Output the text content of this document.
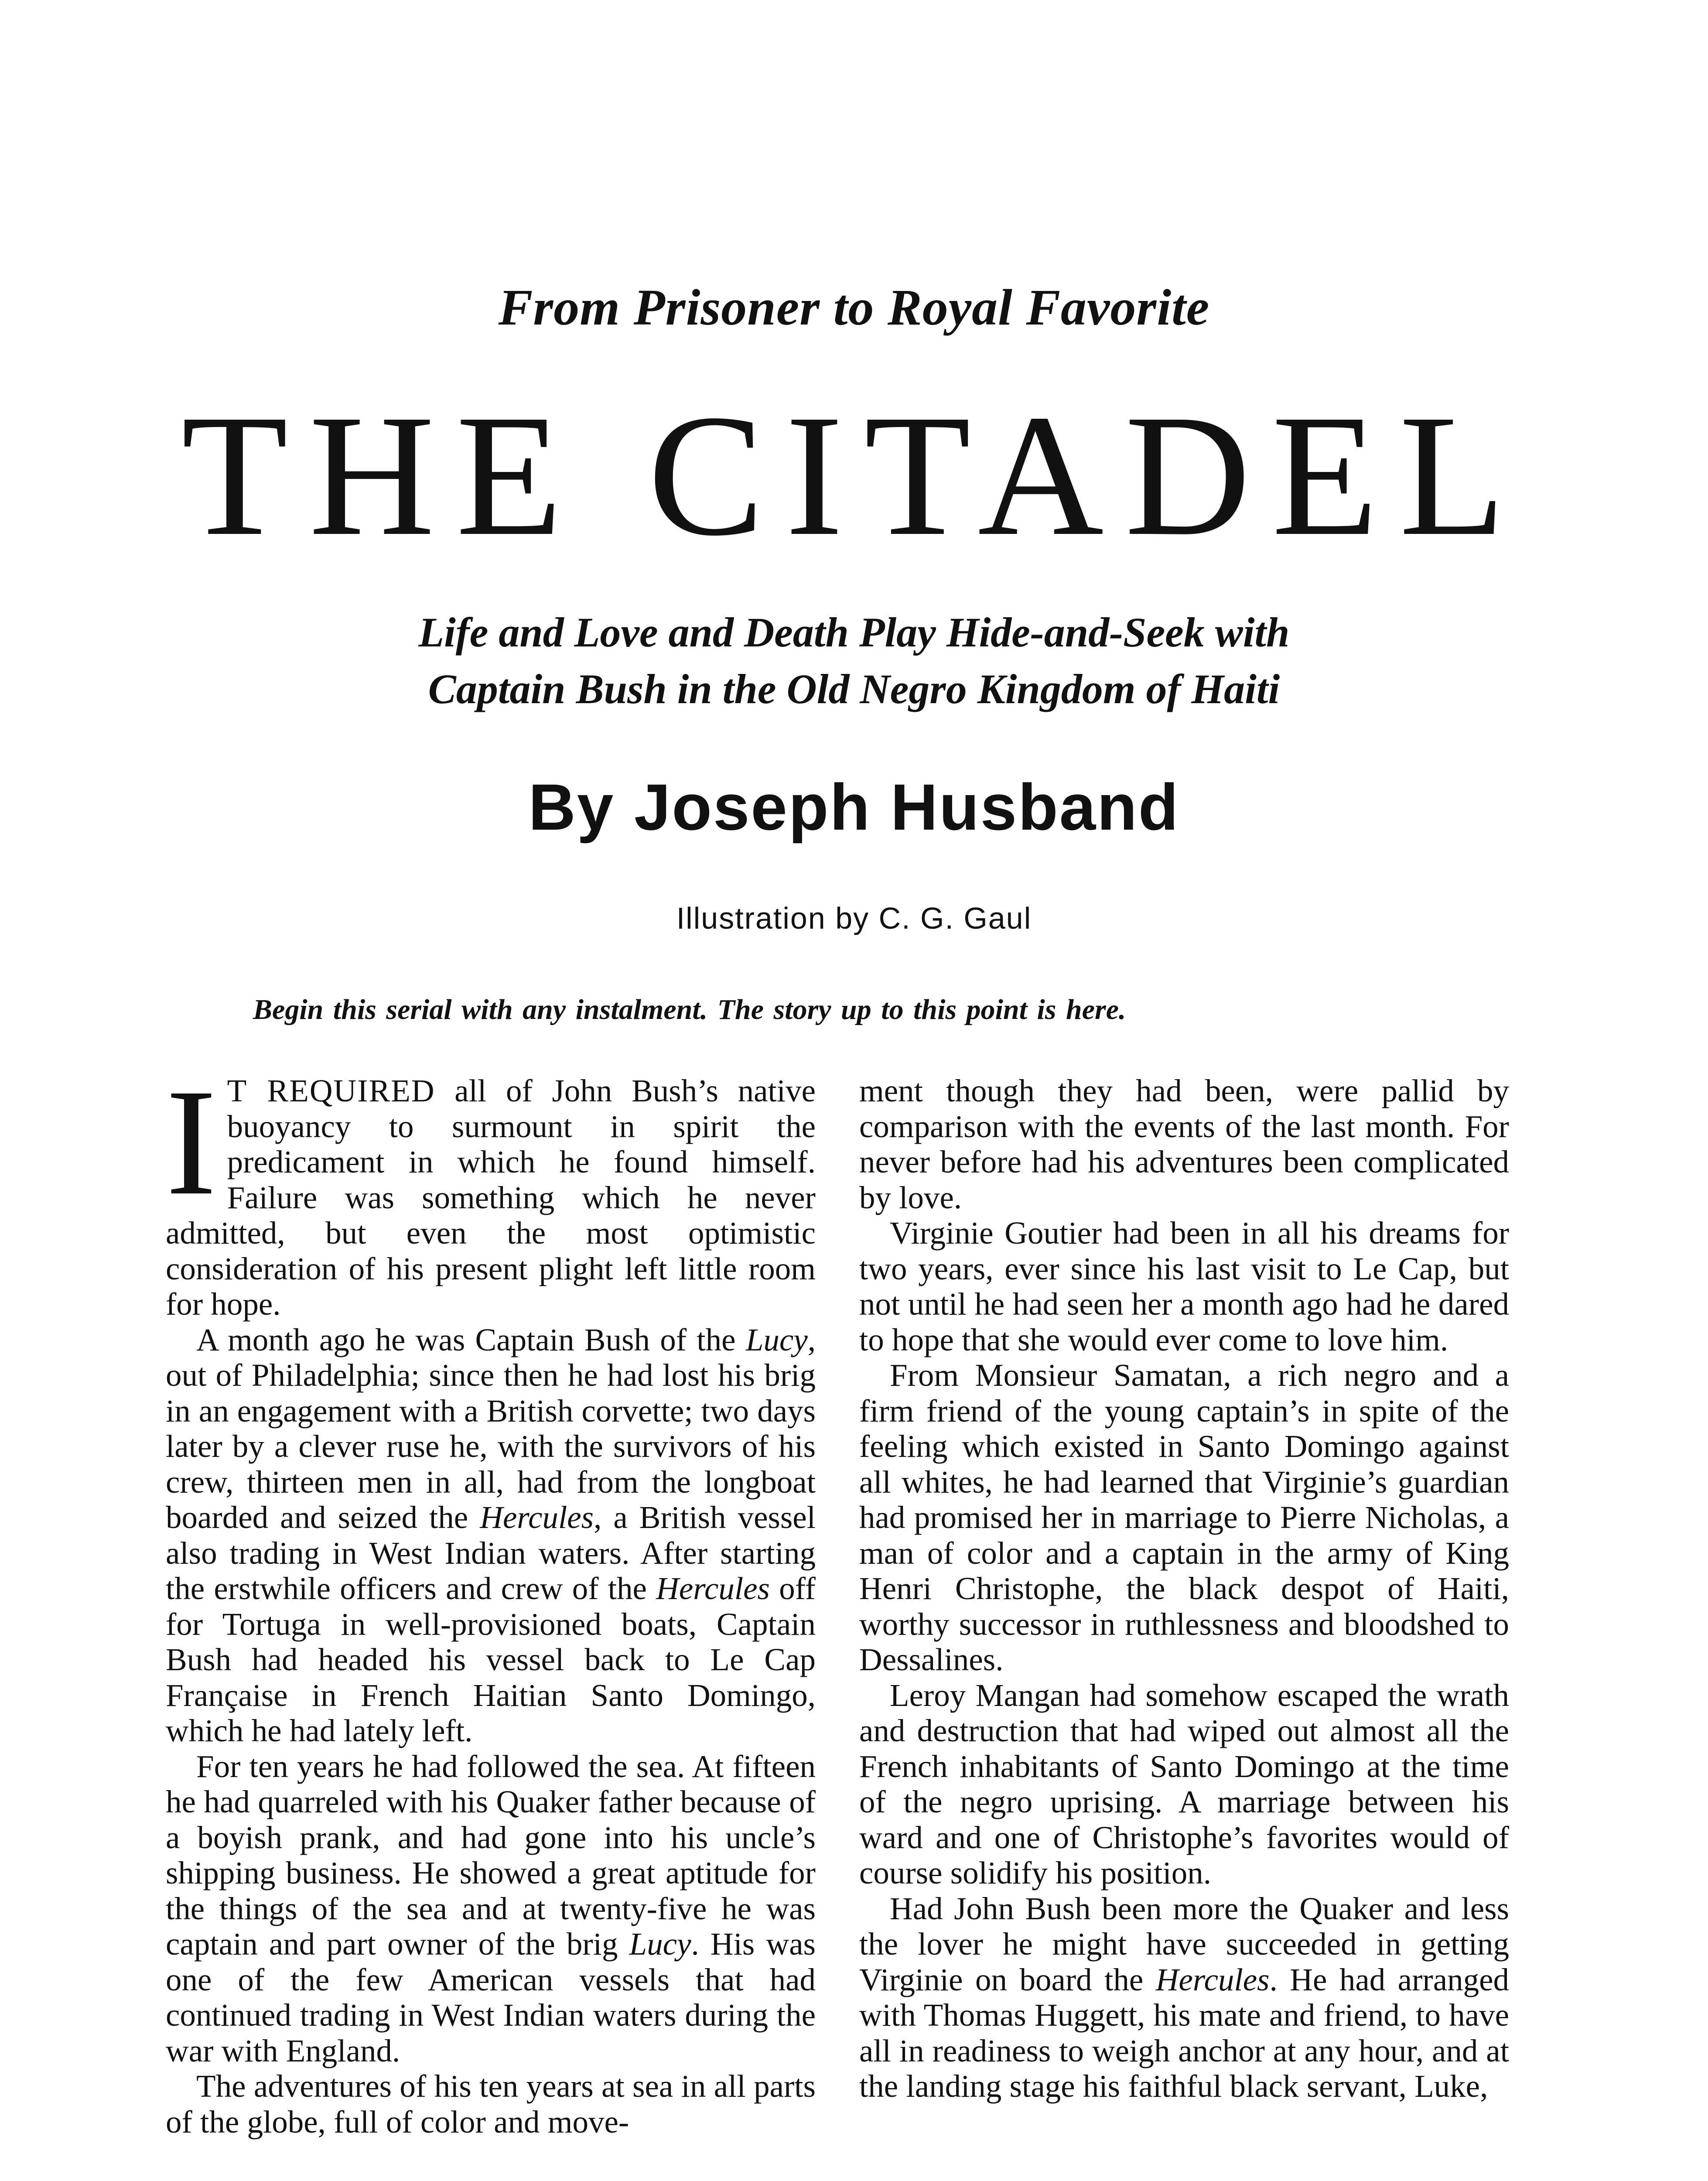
From Prisoner to Royal Favorite
THE CITADEL
Life and Love and Death Play Hide-and-Seek with
Captain Bush in the Old Negro Kingdom of Haiti
By Joseph Husband
Illustration by C. G. Gaul
Begin this serial with any instalment. The story up to this point is here.

I T REQUIRED all of John Bush’s native buoyancy to surmount in spirit the predicament in which he found himself. Failure was something which he never admitted, but even the most optimistic consideration of his present plight left little room for hope.

A month ago he was Captain Bush of the Lucy, out of Philadelphia; since then he had lost his brig in an engagement with a British corvette; two days later by a clever ruse he, with the survivors of his crew, thirteen men in all, had from the longboat boarded and seized the Hercules, a British vessel also trading in West Indian waters. After starting the erstwhile officers and crew of the Hercules off for Tortuga in well-provisioned boats, Captain Bush had headed his vessel back to Le Cap Française in French Haitian Santo Domingo, which he had lately left.

For ten years he had followed the sea. At fifteen he had quarreled with his Quaker father because of a boyish prank, and had gone into his uncle’s shipping business. He showed a great aptitude for the things of the sea and at twenty-five he was captain and part owner of the brig Lucy. His was one of the few American vessels that had continued trading in West Indian waters during the war with England.

The adventures of his ten years at sea in all parts of the globe, full of color and move-

ment though they had been, were pallid by comparison with the events of the last month. For never before had his adventures been complicated by love.

Virginie Goutier had been in all his dreams for two years, ever since his last visit to Le Cap, but not until he had seen her a month ago had he dared to hope that she would ever come to love him.

From Monsieur Samatan, a rich negro and a firm friend of the young captain’s in spite of the feeling which existed in Santo Domingo against all whites, he had learned that Virginie’s guardian had promised her in marriage to Pierre Nicholas, a man of color and a captain in the army of King Henri Christophe, the black despot of Haiti, worthy successor in ruthlessness and bloodshed to Dessalines.

Leroy Mangan had somehow escaped the wrath and destruction that had wiped out almost all the French inhabitants of Santo Domingo at the time of the negro uprising. A marriage between his ward and one of Christophe’s favorites would of course solidify his position.

Had John Bush been more the Quaker and less the lover he might have succeeded in getting Virginie on board the Hercules. He had arranged with Thomas Huggett, his mate and friend, to have all in readiness to weigh anchor at any hour, and at the landing stage his faithful black servant, Luke,
